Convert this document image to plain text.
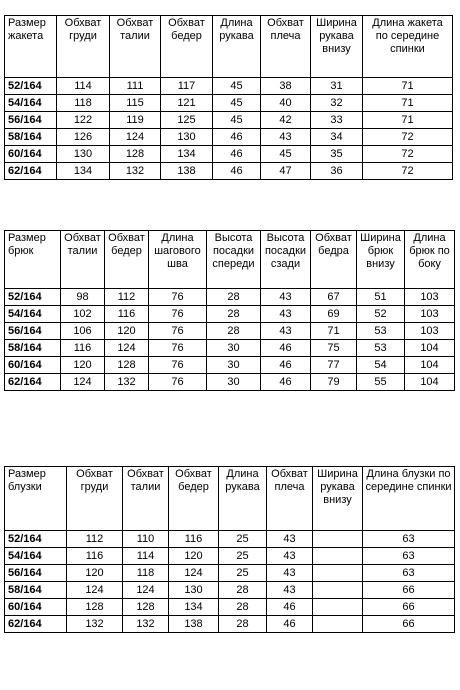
Размер жакета	Обхват груди	Обхват талии	Обхват бедер	Длина рукава	Обхват плеча	Ширина рукава внизу	Длина жакета по середине спинки
52/164	114	111	117	45	38	31	71
54/164	118	115	121	45	40	32	71
56/164	122	119	125	45	42	33	71
58/164	126	124	130	46	43	34	72
60/164	130	128	134	46	45	35	72
62/164	134	132	138	46	47	36	72
Размер брюк	Обхват талии	Обхват бедер	Длина шагового шва	Высота посадки спереди	Высота посадки сзади	Обхват бедра	Ширина брюк внизу	Длина брюк по боку
52/164	98	112	76	28	43	67	51	103
54/164	102	116	76	28	43	69	52	103
56/164	106	120	76	28	43	71	53	103
58/164	116	124	76	30	46	75	53	104
60/164	120	128	76	30	46	77	54	104
62/164	124	132	76	30	46	79	55	104
Размер блузки	Обхват груди	Обхват талии	Обхват бедер	Длина рукава	Обхват плеча	Ширина рукава внизу	Длина блузки по середине спинки
52/164	112	110	116	25	43		63
54/164	116	114	120	25	43		63
56/164	120	118	124	25	43		63
58/164	124	124	130	28	43		66
60/164	128	128	134	28	46		66
62/164	132	132	138	28	46		66
